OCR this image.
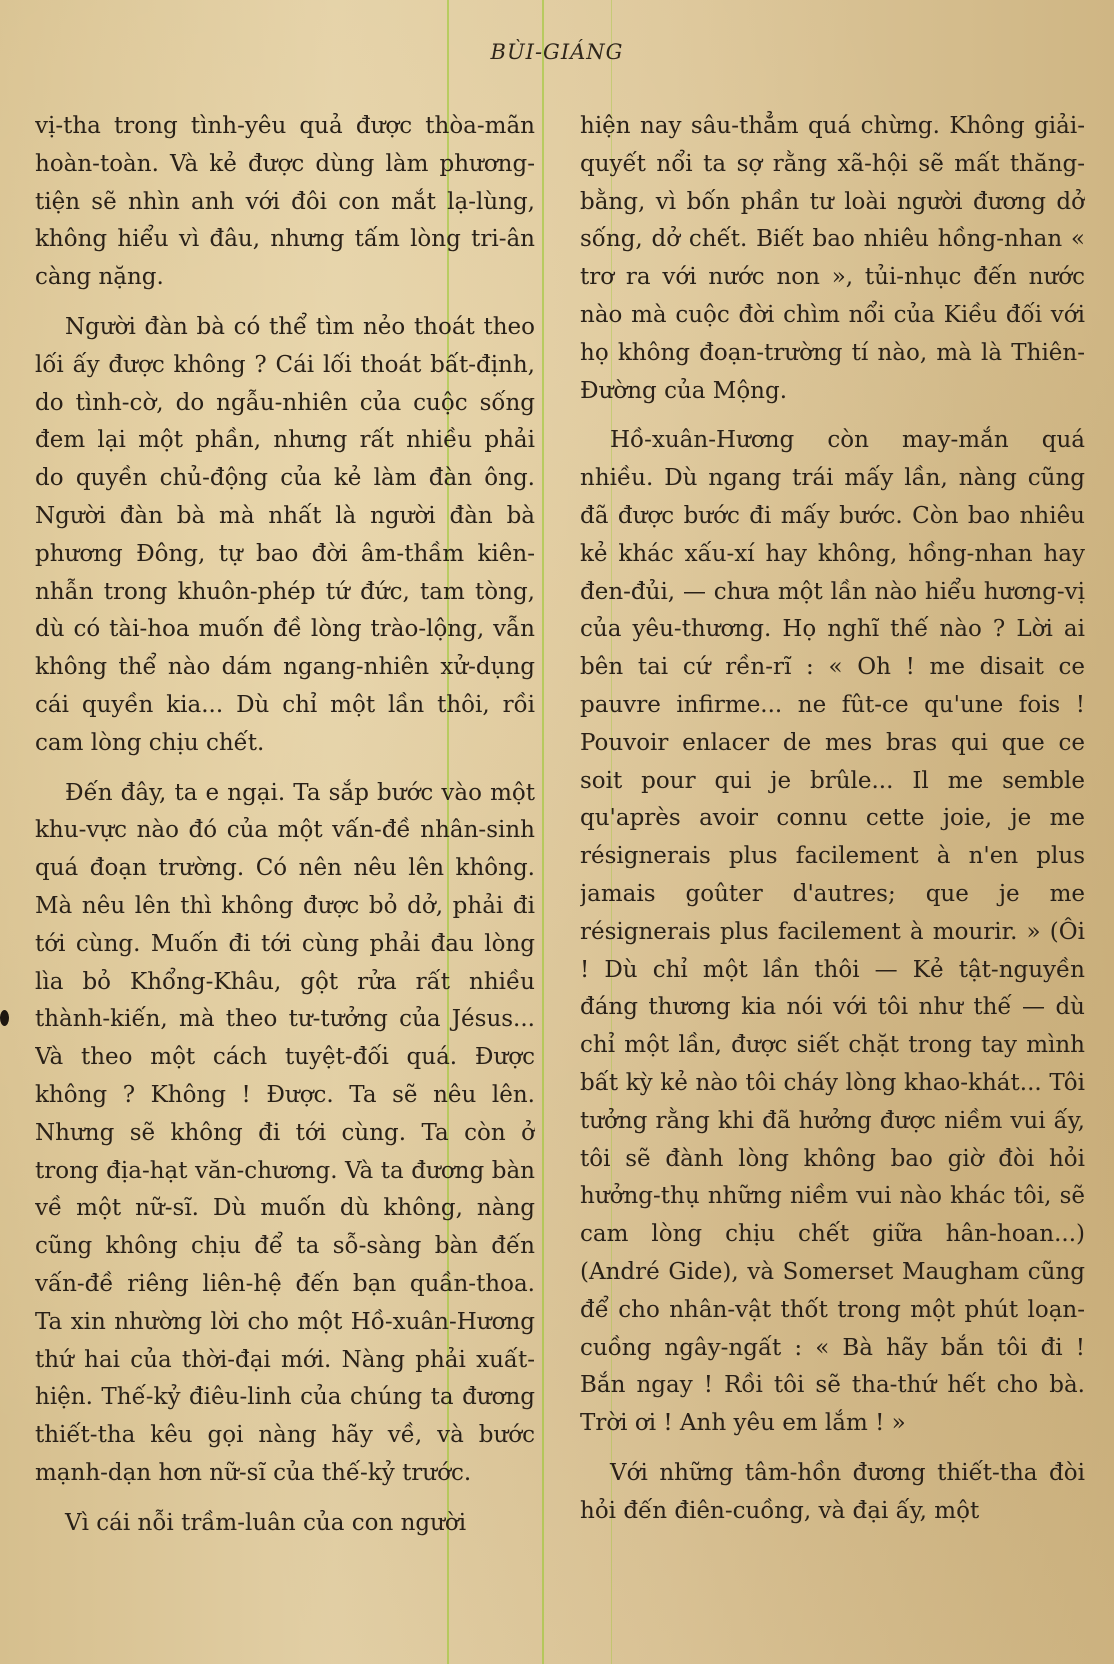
BÙI-GIÁNG

vị-tha trong tình-yêu quả được thòa-mãn hoàn-toàn. Và kẻ được dùng làm phương-tiện sẽ nhìn anh với đôi con mắt lạ-lùng, không hiểu vì đâu, nhưng tấm lòng tri-ân càng nặng.

Người đàn bà có thể tìm nẻo thoát theo lối ấy được không ? Cái lối thoát bất-định, do tình-cờ, do ngẫu-nhiên của cuộc sống đem lại một phần, nhưng rất nhiều phải do quyền chủ-động của kẻ làm đàn ông. Người đàn bà mà nhất là người đàn bà phương Đông, tự bao đời âm-thầm kiên-nhẫn trong khuôn-phép tứ đức, tam tòng, dù có tài-hoa muốn đề lòng trào-lộng, vẫn không thể nào dám ngang-nhiên xử-dụng cái quyền kia... Dù chỉ một lần thôi, rồi cam lòng chịu chết.

Đến đây, ta e ngại. Ta sắp bước vào một khu-vực nào đó của một vấn-đề nhân-sinh quá đoạn trường. Có nên nêu lên không. Mà nêu lên thì không được bỏ dở, phải đi tới cùng. Muốn đi tới cùng phải đau lòng lìa bỏ Khổng-Khâu, gột rửa rất nhiều thành-kiến, mà theo tư-tưởng của Jésus... Và theo một cách tuyệt-đối quá. Được không ? Không ! Được. Ta sẽ nêu lên. Nhưng sẽ không đi tới cùng. Ta còn ở trong địa-hạt văn-chương. Và ta đương bàn về một nữ-sĩ. Dù muốn dù không, nàng cũng không chịu để ta sỗ-sàng bàn đến vấn-đề riêng liên-hệ đến bạn quần-thoa. Ta xin nhường lời cho một Hồ-xuân-Hương thứ hai của thời-đại mới. Nàng phải xuất-hiện. Thế-kỷ điêu-linh của chúng ta đương thiết-tha kêu gọi nàng hãy về, và bước mạnh-dạn hơn nữ-sĩ của thế-kỷ trước.

Vì cái nỗi trầm-luân của con người

hiện nay sâu-thẳm quá chừng. Không giải-quyết nổi ta sợ rằng xã-hội sẽ mất thăng-bằng, vì bốn phần tư loài người đương dở sống, dở chết. Biết bao nhiêu hồng-nhan « trơ ra với nước non », tủi-nhục đến nước nào mà cuộc đời chìm nổi của Kiều đối với họ không đoạn-trường tí nào, mà là Thiên-Đường của Mộng.

Hồ-xuân-Hương còn may-mắn quá nhiều. Dù ngang trái mấy lần, nàng cũng đã được bước đi mấy bước. Còn bao nhiêu kẻ khác xấu-xí hay không, hồng-nhan hay đen-đủi, — chưa một lần nào hiểu hương-vị của yêu-thương. Họ nghĩ thế nào ? Lời ai bên tai cứ rền-rĩ : « Oh ! me disait ce pauvre infirme... ne fût-ce qu'une fois ! Pouvoir enlacer de mes bras qui que ce soit pour qui je brûle... Il me semble qu'après avoir connu cette joie, je me résignerais plus facilement à n'en plus jamais goûter d'autres; que je me résignerais plus facilement à mourir. » (Ôi ! Dù chỉ một lần thôi — Kẻ tật-nguyền đáng thương kia nói với tôi như thế — dù chỉ một lần, được siết chặt trong tay mình bất kỳ kẻ nào tôi cháy lòng khao-khát... Tôi tưởng rằng khi đã hưởng được niềm vui ấy, tôi sẽ đành lòng không bao giờ đòi hỏi hưởng-thụ những niềm vui nào khác tôi, sẽ cam lòng chịu chết giữa hân-hoan...) (André Gide), và Somerset Maugham cũng để cho nhân-vật thốt trong một phút loạn-cuồng ngây-ngất : « Bà hãy bắn tôi đi ! Bắn ngay ! Rồi tôi sẽ tha-thứ hết cho bà. Trời ơi ! Anh yêu em lắm ! »

Với những tâm-hồn đương thiết-tha đòi hỏi đến điên-cuồng, và đại ấy, một
